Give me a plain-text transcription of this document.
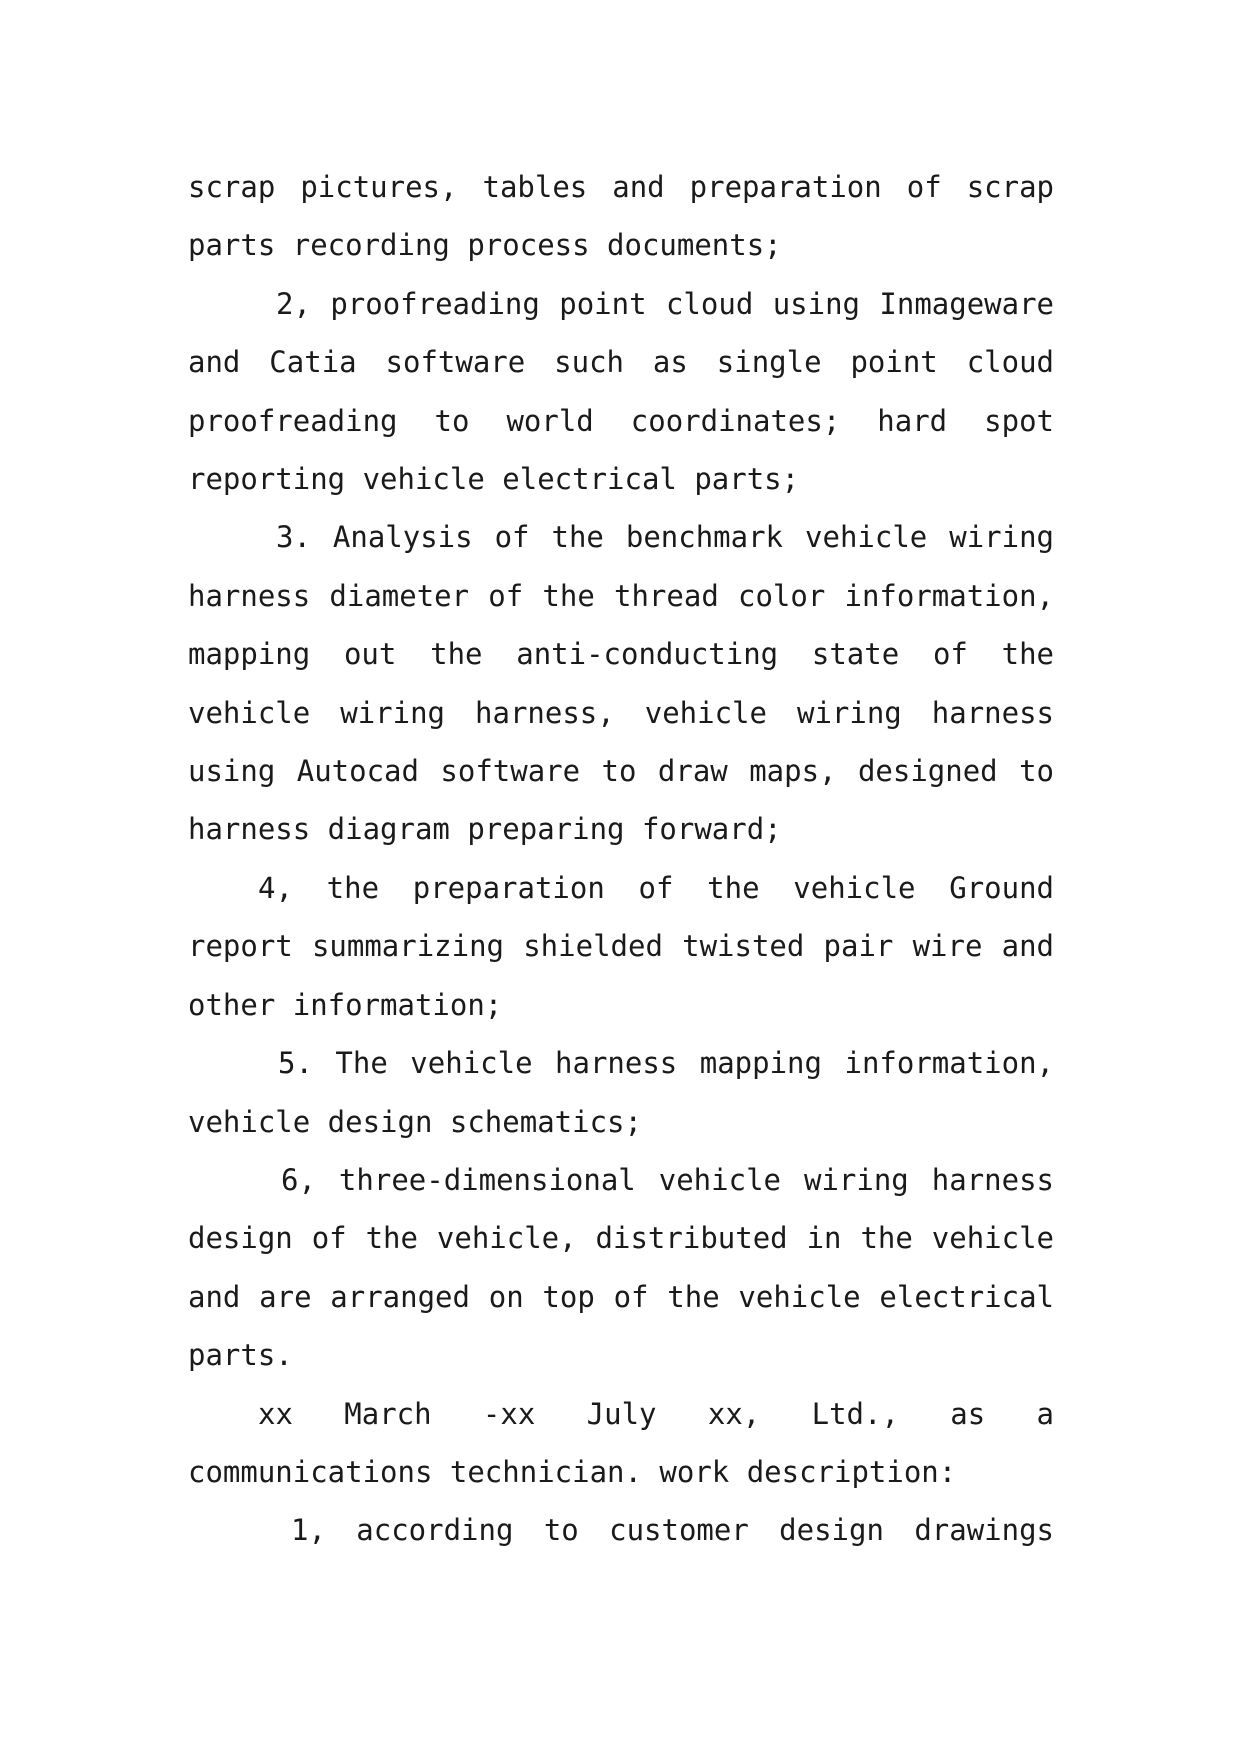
scrap pictures, tables and preparation of scrap parts recording process documents;

2, proofreading point cloud using Inmageware and Catia software such as single point cloud proofreading to world coordinates; hard spot reporting vehicle electrical parts;

3. Analysis of the benchmark vehicle wiring harness diameter of the thread color information, mapping out the anti-conducting state of the vehicle wiring harness, vehicle wiring harness using Autocad software to draw maps, designed to harness diagram preparing forward;

4, the preparation of the vehicle Ground report summarizing shielded twisted pair wire and other information;

5. The vehicle harness mapping information, vehicle design schematics;

6, three-dimensional vehicle wiring harness design of the vehicle, distributed in the vehicle and are arranged on top of the vehicle electrical parts.

xx March -xx July xx, Ltd., as a communications technician. work description:

1, according to customer design drawings
